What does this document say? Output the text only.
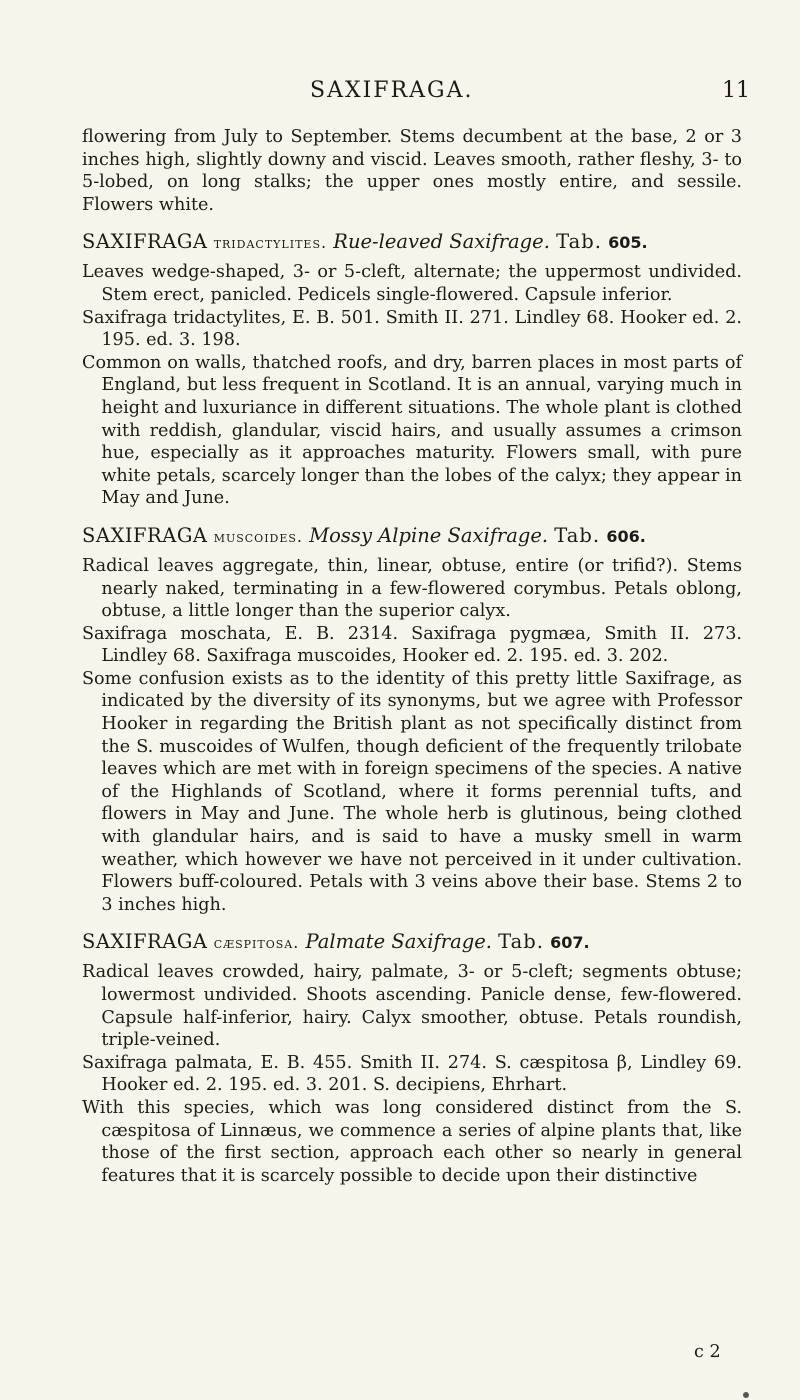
SAXIFRAGA.	11

flowering from July to September. Stems decumbent at the base, 2 or 3 inches high, slightly downy and viscid. Leaves smooth, rather fleshy, 3- to 5-lobed, on long stalks; the upper ones mostly entire, and sessile. Flowers white.

SAXIFRAGA tridactylites. Rue-leaved Saxifrage. Tab. 605.

Leaves wedge-shaped, 3- or 5-cleft, alternate; the uppermost undivided. Stem erect, panicled. Pedicels single-flowered. Capsule inferior.

Saxifraga tridactylites, E. B. 501. Smith II. 271. Lindley 68. Hooker ed. 2. 195. ed. 3. 198.

Common on walls, thatched roofs, and dry, barren places in most parts of England, but less frequent in Scotland. It is an annual, varying much in height and luxuriance in different situations. The whole plant is clothed with reddish, glandular, viscid hairs, and usually assumes a crimson hue, especially as it approaches maturity. Flowers small, with pure white petals, scarcely longer than the lobes of the calyx; they appear in May and June.

SAXIFRAGA muscoides. Mossy Alpine Saxifrage. Tab. 606.

Radical leaves aggregate, thin, linear, obtuse, entire (or trifid?). Stems nearly naked, terminating in a few-flowered corymbus. Petals oblong, obtuse, a little longer than the superior calyx.

Saxifraga moschata, E. B. 2314. Saxifraga pygmæa, Smith II. 273. Lindley 68. Saxifraga muscoides, Hooker ed. 2. 195. ed. 3. 202.

Some confusion exists as to the identity of this pretty little Saxifrage, as indicated by the diversity of its synonyms, but we agree with Professor Hooker in regarding the British plant as not specifically distinct from the S. muscoides of Wulfen, though deficient of the frequently trilobate leaves which are met with in foreign specimens of the species. A native of the Highlands of Scotland, where it forms perennial tufts, and flowers in May and June. The whole herb is glutinous, being clothed with glandular hairs, and is said to have a musky smell in warm weather, which however we have not perceived in it under cultivation. Flowers buff-coloured. Petals with 3 veins above their base. Stems 2 to 3 inches high.

SAXIFRAGA cæspitosa. Palmate Saxifrage. Tab. 607.

Radical leaves crowded, hairy, palmate, 3- or 5-cleft; segments obtuse; lowermost undivided. Shoots ascending. Panicle dense, few-flowered. Capsule half-inferior, hairy. Calyx smoother, obtuse. Petals roundish, triple-veined.

Saxifraga palmata, E. B. 455. Smith II. 274. S. cæspitosa β, Lindley 69. Hooker ed. 2. 195. ed. 3. 201. S. decipiens, Ehrhart.

With this species, which was long considered distinct from the S. cæspitosa of Linnæus, we commence a series of alpine plants that, like those of the first section, approach each other so nearly in general features that it is scarcely possible to decide upon their distinctive

c 2
